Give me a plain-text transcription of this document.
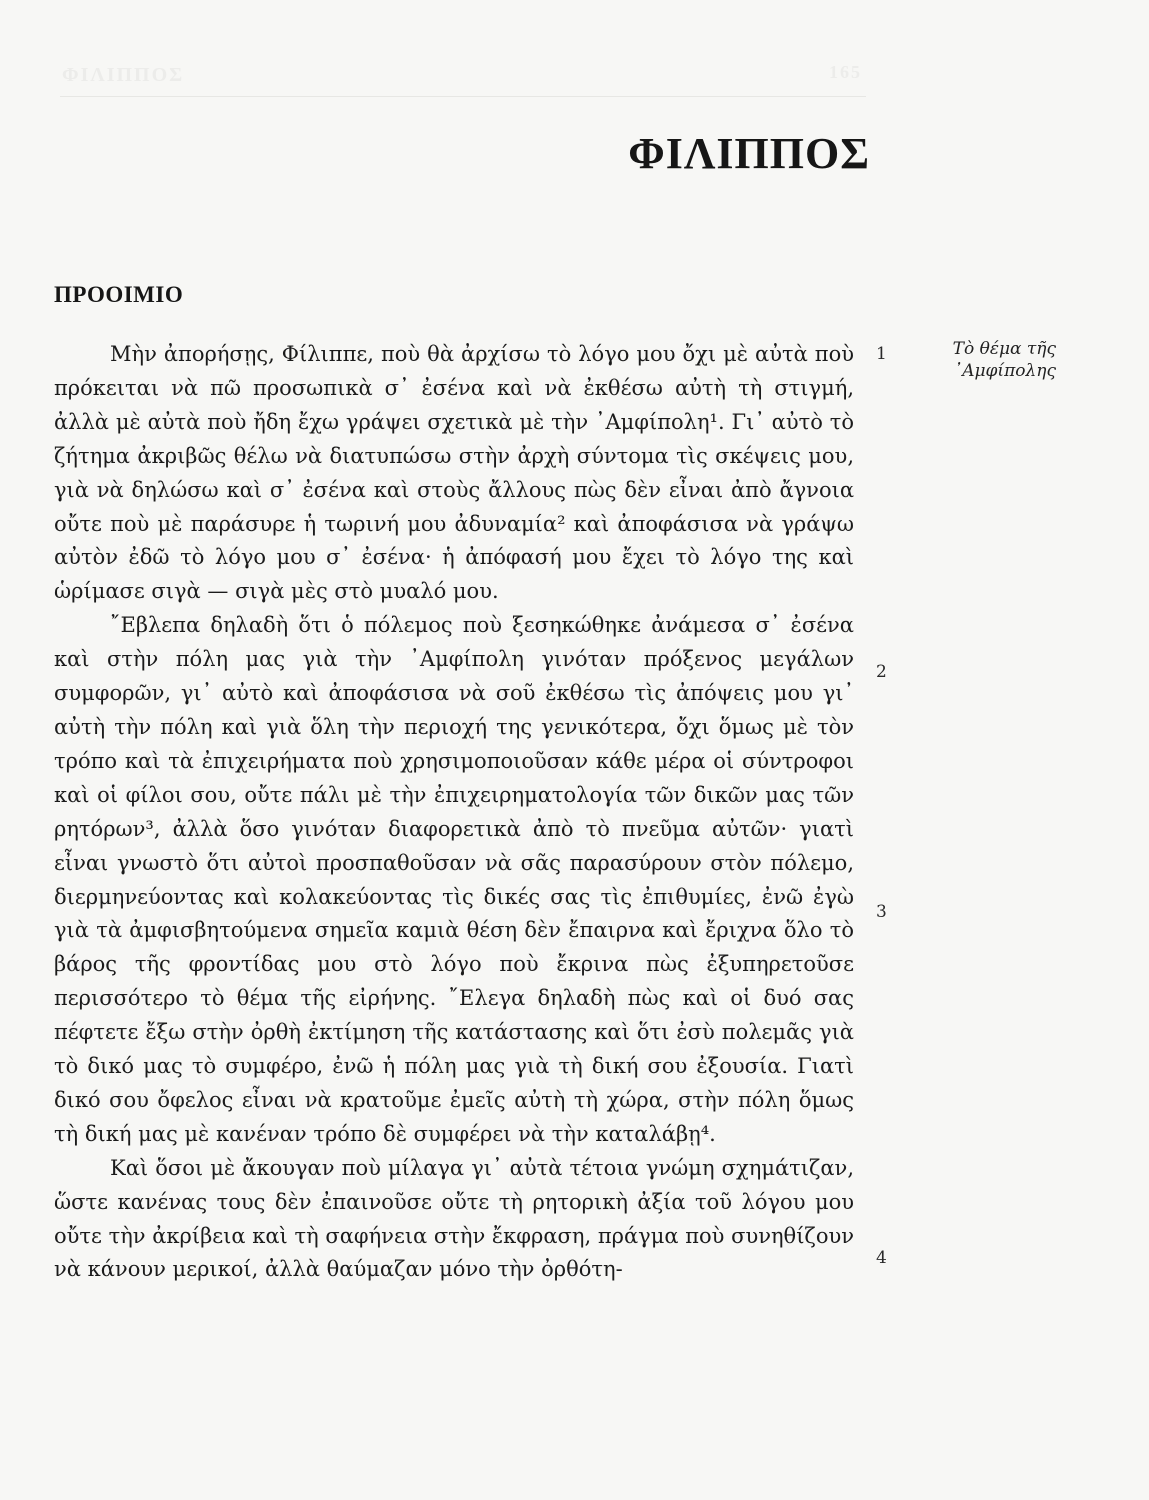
ΦΙΛΙΠΠΟΣ	165
ΦΙΛΙΠΠΟΣ
ΠΡΟΟΙΜΙΟ
Τὸ θέμα τῆς
᾿Αμφίπολης
1
2
3
4

Μὴν ἀπορήσῃς, Φίλιππε, ποὺ θὰ ἀρχίσω τὸ λόγο μου ὄχι μὲ αὐτὰ ποὺ πρόκειται νὰ πῶ προσωπικὰ σ᾿ ἐσένα καὶ νὰ ἐκθέσω αὐτὴ τὴ στιγμή, ἀλλὰ μὲ αὐτὰ ποὺ ἤδη ἔχω γράψει σχετικὰ μὲ τὴν ᾿Αμφίπολη¹. Γι᾿ αὐτὸ τὸ ζήτημα ἀκριβῶς θέλω νὰ διατυπώσω στὴν ἀρχὴ σύντομα τὶς σκέψεις μου, γιὰ νὰ δηλώσω καὶ σ᾿ ἐσένα καὶ στοὺς ἄλλους πὼς δὲν εἶναι ἀπὸ ἄγνοια οὔτε ποὺ μὲ παράσυρε ἡ τωρινή μου ἀδυναμία² καὶ ἀποφάσισα νὰ γράψω αὐτὸν ἐδῶ τὸ λόγο μου σ᾿ ἐσένα· ἡ ἀπόφασή μου ἔχει τὸ λόγο της καὶ ὡρίμασε σιγὰ — σιγὰ μὲς στὸ μυαλό μου.

῎Εβλεπα δηλαδὴ ὅτι ὁ πόλεμος ποὺ ξεσηκώθηκε ἀνάμεσα σ᾿ ἐσένα καὶ στὴν πόλη μας γιὰ τὴν ᾿Αμφίπολη γινόταν πρόξενος μεγάλων συμφορῶν, γι᾿ αὐτὸ καὶ ἀποφάσισα νὰ σοῦ ἐκθέσω τὶς ἀπόψεις μου γι᾿ αὐτὴ τὴν πόλη καὶ γιὰ ὅλη τὴν περιοχή της γενικότερα, ὄχι ὅμως μὲ τὸν τρόπο καὶ τὰ ἐπιχειρήματα ποὺ χρησιμοποιοῦσαν κάθε μέρα οἱ σύντροφοι καὶ οἱ φίλοι σου, οὔτε πάλι μὲ τὴν ἐπιχειρηματολογία τῶν δικῶν μας τῶν ρητόρων³, ἀλλὰ ὅσο γινόταν διαφορετικὰ ἀπὸ τὸ πνεῦμα αὐτῶν· γιατὶ εἶναι γνωστὸ ὅτι αὐτοὶ προσπαθοῦσαν νὰ σᾶς παρασύρουν στὸν πόλεμο, διερμηνεύοντας καὶ κολακεύοντας τὶς δικές σας τὶς ἐπιθυμίες, ἐνῶ ἐγὼ γιὰ τὰ ἀμφισβητούμενα σημεῖα καμιὰ θέση δὲν ἔπαιρνα καὶ ἔριχνα ὅλο τὸ βάρος τῆς φροντίδας μου στὸ λόγο ποὺ ἔκρινα πὼς ἐξυπηρετοῦσε περισσότερο τὸ θέμα τῆς εἰρήνης. ῎Ελεγα δηλαδὴ πὼς καὶ οἱ δυό σας πέφτετε ἔξω στὴν ὀρθὴ ἐκτίμηση τῆς κατάστασης καὶ ὅτι ἐσὺ πολεμᾶς γιὰ τὸ δικό μας τὸ συμφέρο, ἐνῶ ἡ πόλη μας γιὰ τὴ δική σου ἐξουσία. Γιατὶ δικό σου ὄφελος εἶναι νὰ κρατοῦμε ἐμεῖς αὐτὴ τὴ χώρα, στὴν πόλη ὅμως τὴ δική μας μὲ κανέναν τρόπο δὲ συμφέρει νὰ τὴν καταλάβῃ⁴.

Καὶ ὅσοι μὲ ἄκουγαν ποὺ μίλαγα γι᾿ αὐτὰ τέτοια γνώμη σχημάτιζαν, ὥστε κανένας τους δὲν ἐπαινοῦσε οὔτε τὴ ρητορικὴ ἀξία τοῦ λόγου μου οὔτε τὴν ἀκρίβεια καὶ τὴ σαφήνεια στὴν ἔκφραση, πράγμα ποὺ συνηθίζουν νὰ κάνουν μερικοί, ἀλλὰ θαύμαζαν μόνο τὴν ὀρθότη-
